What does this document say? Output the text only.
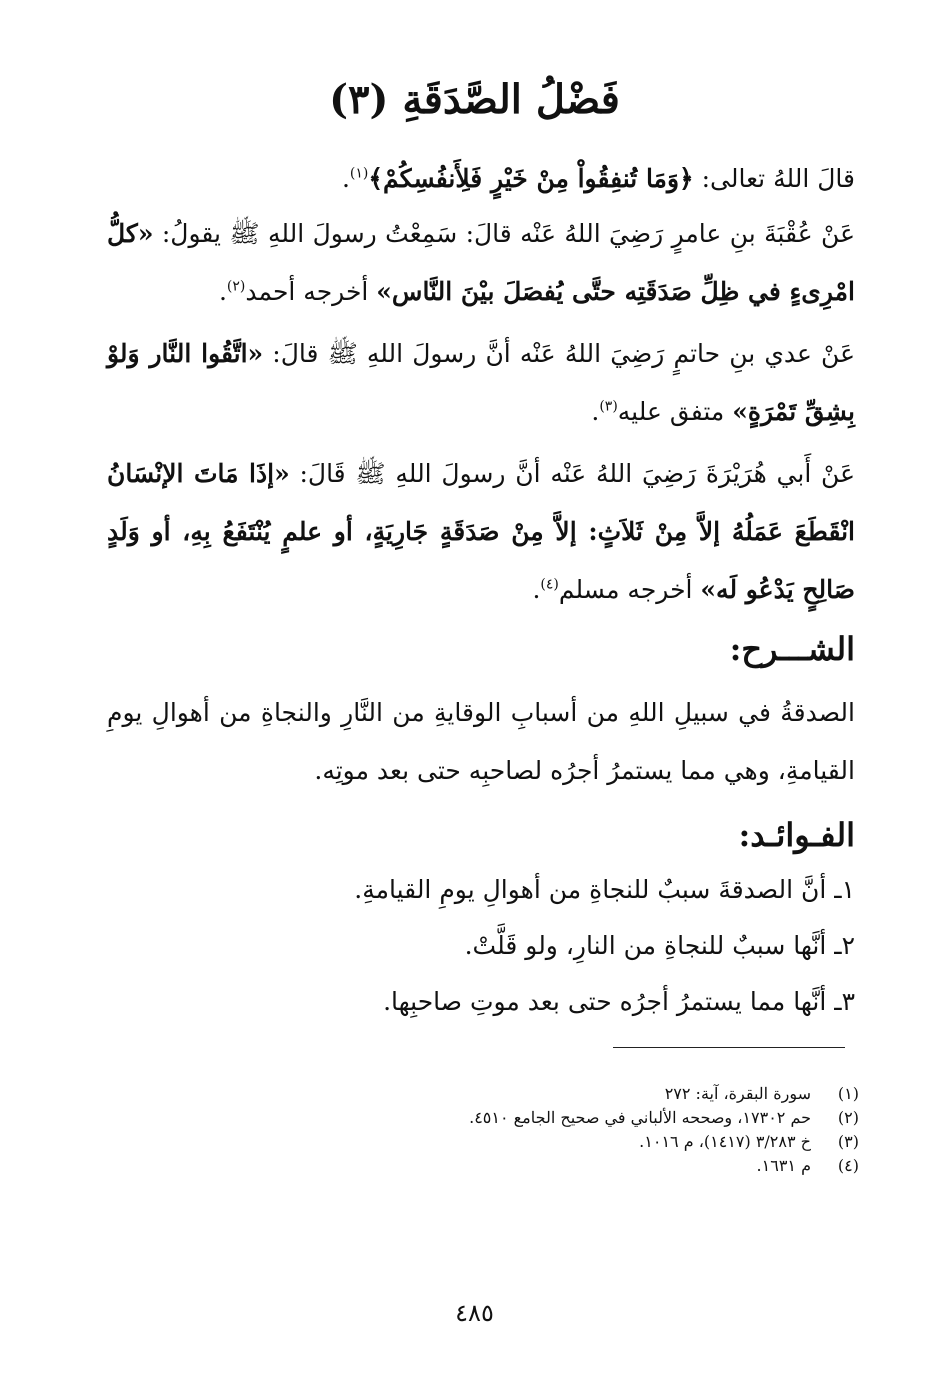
فَضْلُ الصَّدَقَةِ (٣)

قالَ اللهُ تعالى: ﴿وَمَا تُنفِقُواْ مِنْ خَيْرٍ فَلِأَنفُسِكُمْ﴾$^{(١)}$.

عَنْ عُقْبَةَ بنِ عامرٍ رَضِيَ اللهُ عَنْه قالَ: سَمِعْتُ رسولَ اللهِ ﷺ يقولُ: «كلُّ امْرِىءٍ في ظِلِّ صَدَقَتِه حتَّى يُفصَلَ بيْنَ النَّاس» أخرجه أحمد$^{(٢)}$.

عَنْ عدي بنِ حاتمٍ رَضِيَ اللهُ عَنْه أنَّ رسولَ اللهِ ﷺ قالَ: «اتَّقُوا النَّار وَلوْ بِشِقِّ تَمْرَةٍ» متفق عليه$^{(٣)}$.

عَنْ أَبي هُرَيْرَةَ رَضِيَ اللهُ عَنْه أنَّ رسولَ اللهِ ﷺ قَالَ: «إذَا مَاتَ الإنْسَانُ انْقَطَعَ عَمَلُهُ إلاَّ مِنْ ثَلاَثٍ: إلاَّ مِنْ صَدَقَةٍ جَارِيَةٍ، أو علمٍ يُنْتَفَعُ بِهِ، أو وَلَدٍ صَالِحٍ يَدْعُو لَه» أخرجه مسلم$^{(٤)}$.

الشـــرح:

الصدقةُ في سبيلِ اللهِ من أسبابِ الوقايةِ من النَّارِ والنجاةِ من أهوالِ يومِ القيامةِ، وهي مما يستمرُ أجرُه لصاحبِه حتى بعد موتِه.

الفـوائـد:
١ـ أنَّ الصدقةَ سببٌ للنجاةِ من أهوالِ يومِ القيامةِ.
٢ـ أنَّها سببٌ للنجاةِ من النارِ، ولو قَلَّتْ.
٣ـ أنَّها مما يستمرُ أجرُه حتى بعد موتِ صاحبِها.
(١)
سورة البقرة، آية: ٢٧٢
(٢)
حم ١٧٣٠٢، وصححه الألباني في صحيح الجامع ٤٥١٠.
(٣)
خ ٣/٢٨٣ (١٤١٧)، م ١٠١٦.
(٤)
م ١٦٣١.
٤٨٥
